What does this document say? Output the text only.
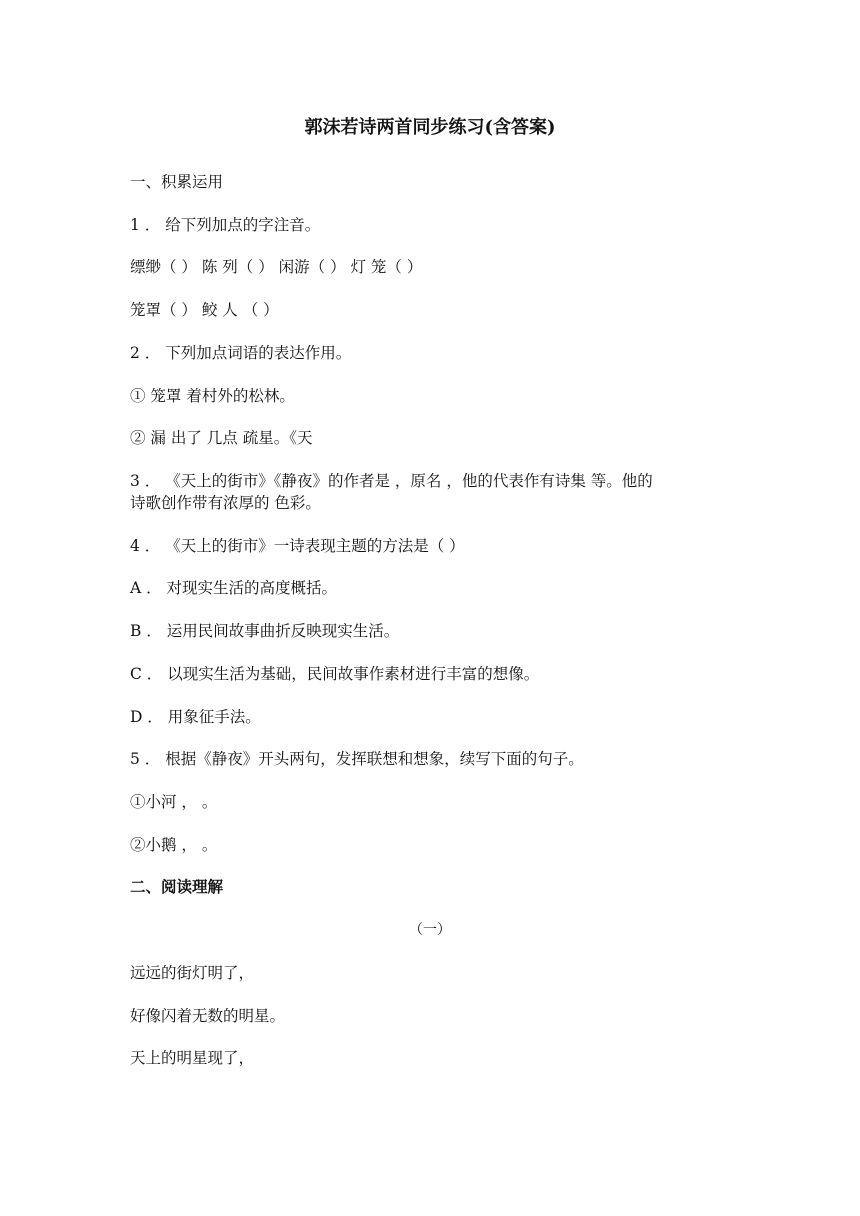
郭沫若诗两首同步练习(含答案)
一、积累运用
1 ． 给下列加点的字注音。
缥缈（ ） 陈 列（ ） 闲游（ ） 灯 笼（ ）
笼罩（ ） 鲛 人 （ ）
2 ． 下列加点词语的表达作用。
① 笼罩 着村外的松林。
② 漏 出了 几点 疏星。《天
3 ． 《天上的街市》《静夜》的作者是 ，原名 ，他的代表作有诗集 等。他的
诗歌创作带有浓厚的 色彩。
4 ． 《天上的街市》一诗表现主题的方法是（ ）
A ． 对现实生活的高度概括。
B ． 运用民间故事曲折反映现实生活。
C ． 以现实生活为基础，民间故事作素材进行丰富的想像。
D ． 用象征手法。
5 ． 根据《静夜》开头两句，发挥联想和想象，续写下面的句子。
①小河 ， 。
②小鹅 ， 。
二、阅读理解
（一）
远远的街灯明了，
好像闪着无数的明星。
天上的明星现了，
